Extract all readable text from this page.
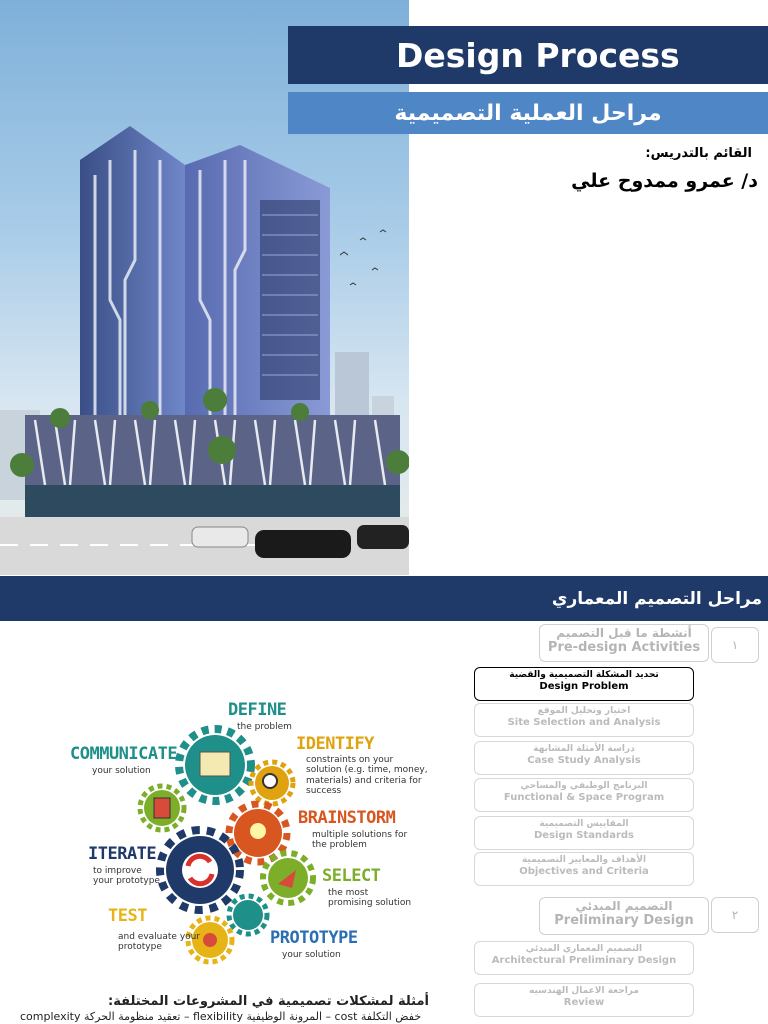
Design Process
مراحل العملية التصميمية
القائم بالتدريس:
د/ عمرو ممدوح علي
مراحل التصميم المعماري
١
أنشطة ما قبل التصميم
Pre-design Activities
تحديد المشكلة التصميمية والقضية
Design Problem
اختيار وتحليل الموقع
Site Selection and Analysis
دراسة الأمثلة المشابهة
Case Study Analysis
البرنامج الوظيفي والمساحي
Functional & Space Program
المقاييس التصميمية
Design Standards
الأهداف والمعايير التصميمية
Objectives and Criteria
٢
التصميم المبدئي
Preliminary Design
التصميم المعماري المبدئي
Architectural Preliminary Design
مراجعة الاعمال الهندسيه
Review
DEFINE
the problem
IDENTIFY
constraints on your solution (e.g. time, money, materials) and criteria for success
COMMUNICATE
your solution
BRAINSTORM
multiple solutions for the problem
ITERATE
to improve your prototype	SELECT
the most promising solution
TEST
and evaluate your prototype	PROTOTYPE
your solution
أمثلة لمشكلات تصميمية في المشروعات المختلفة:
complexity تعقيد منظومة الحركة – flexibility المرونة الوظيفية – cost خفض التكلفة
